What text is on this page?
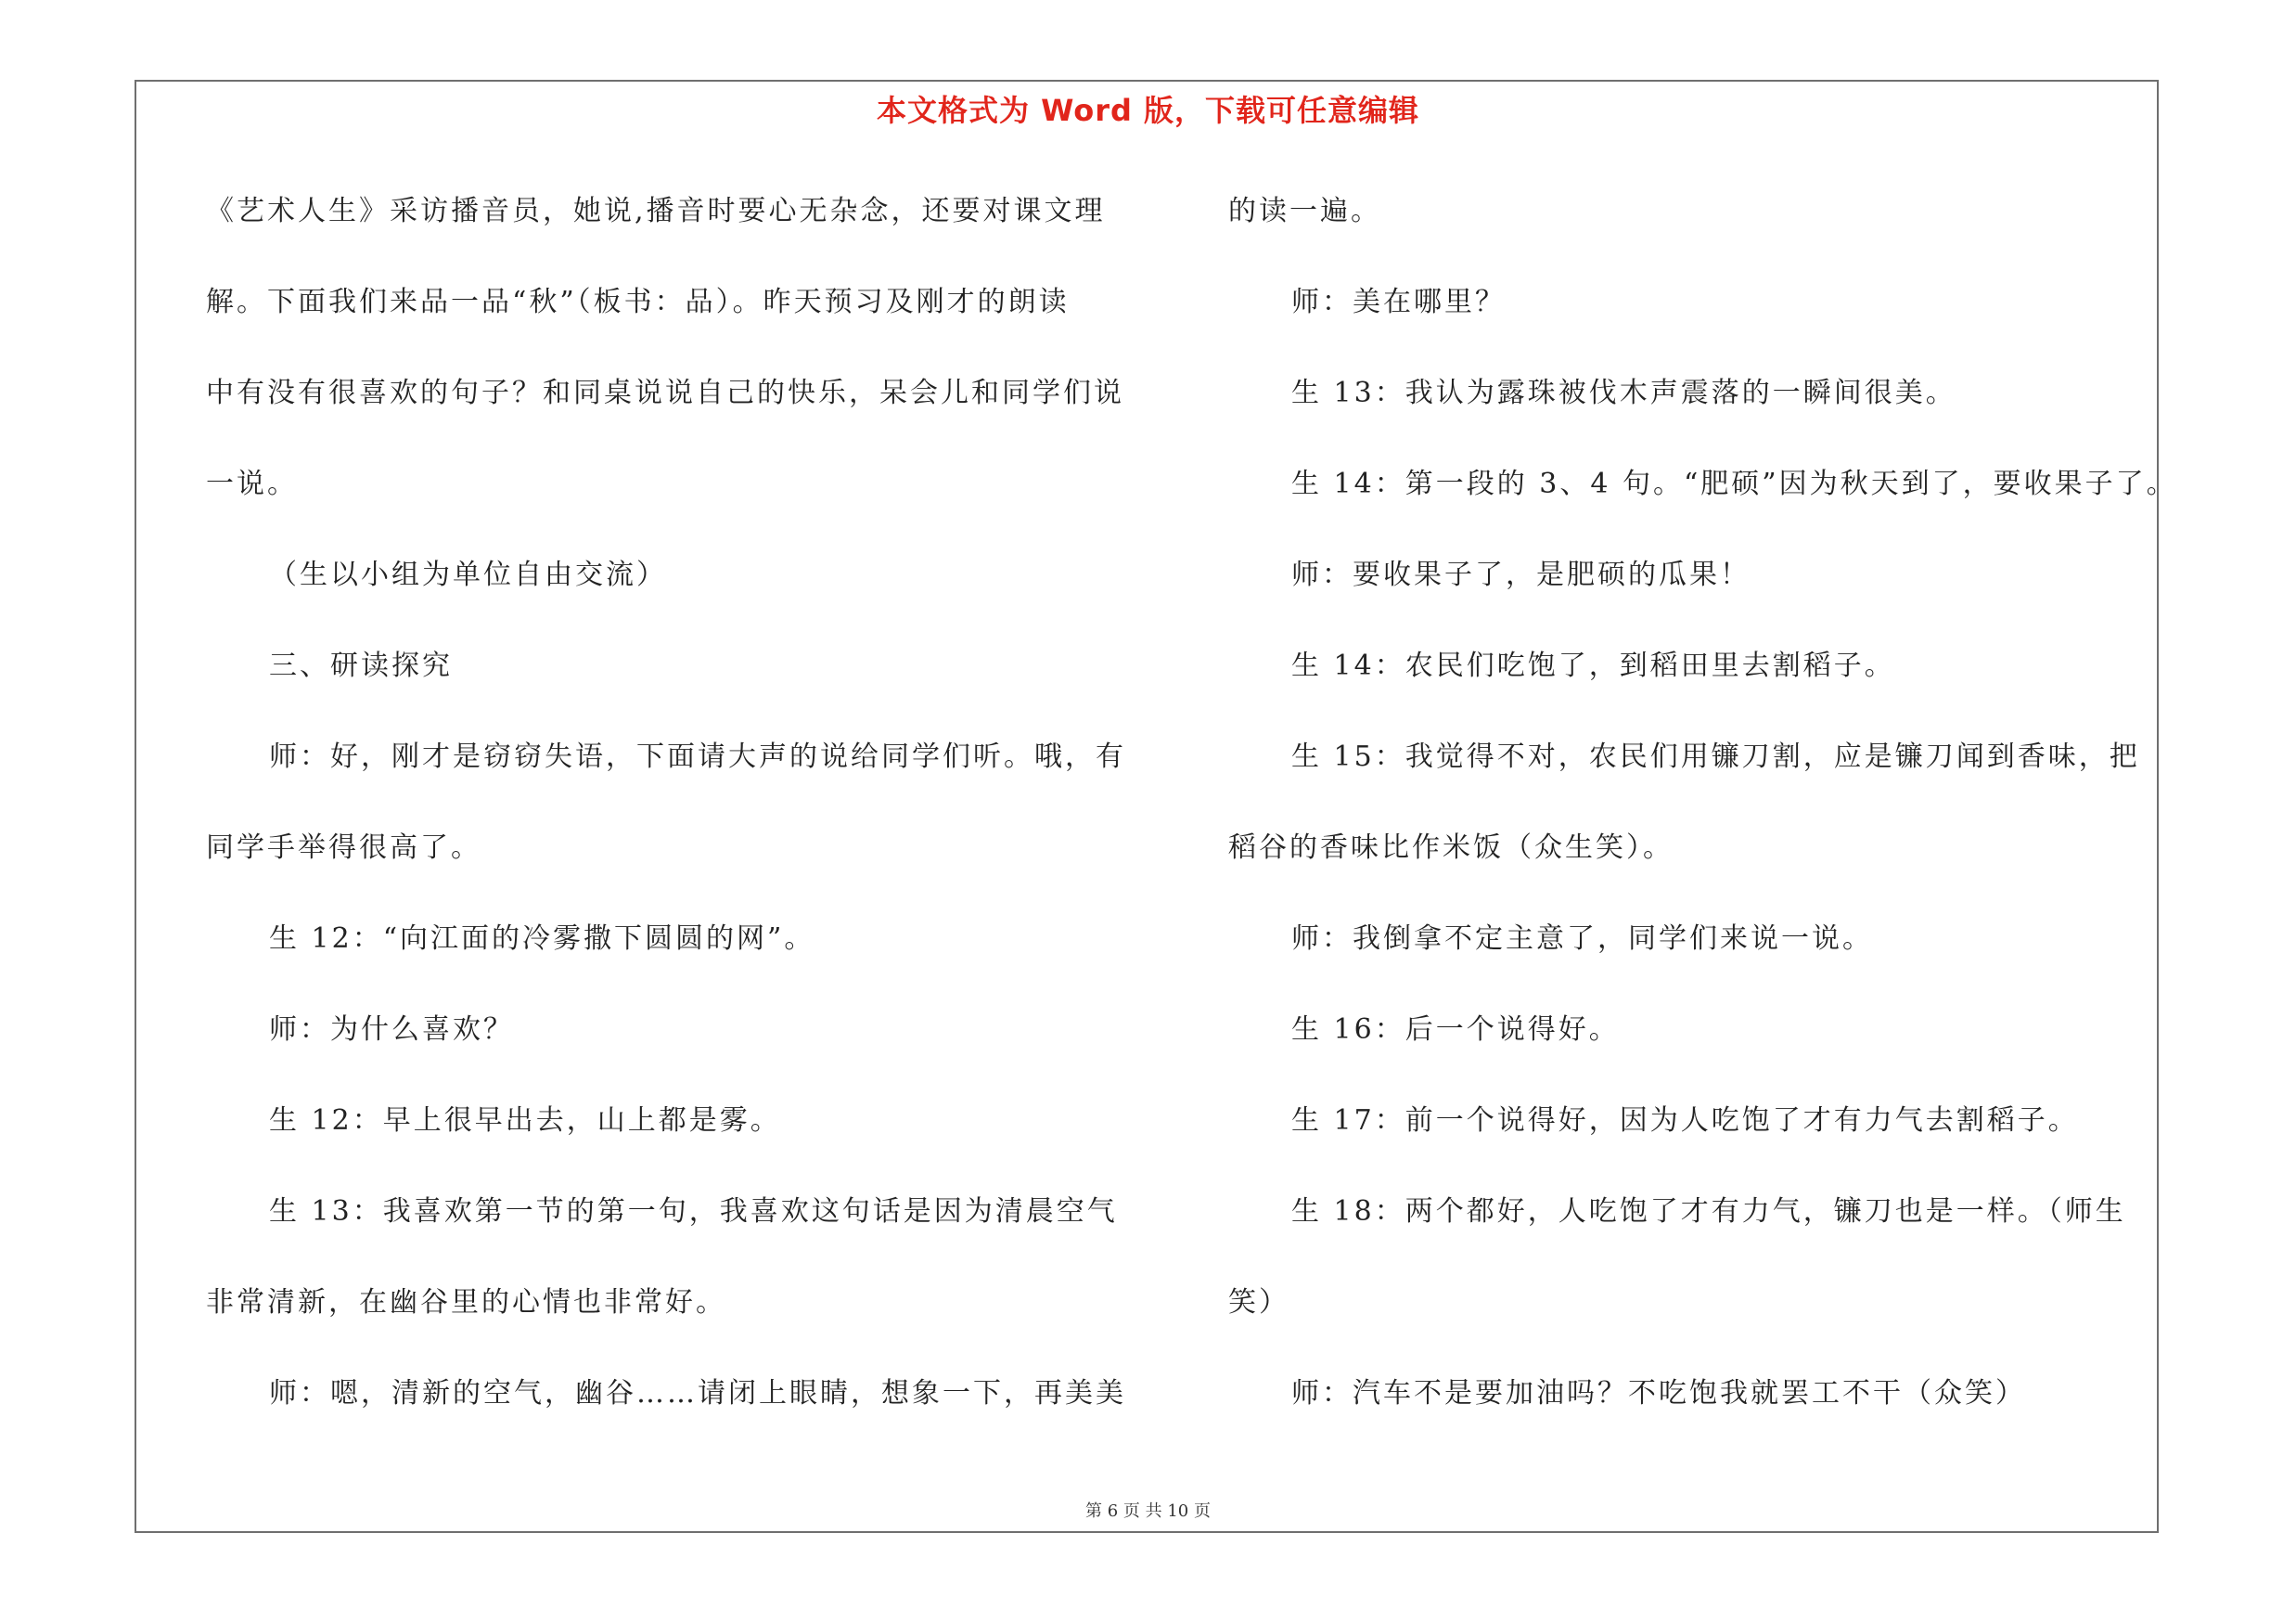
本文格式为 Word 版，下载可任意编辑
《艺术人生》采访播音员，她说,播音时要心无杂念，还要对课文理
解。下面我们来品一品“秋”（板书：品）。昨天预习及刚才的朗读
中有没有很喜欢的句子？和同桌说说自己的快乐，呆会儿和同学们说
一说。
（生以小组为单位自由交流）
三、研读探究
师：好，刚才是窃窃失语，下面请大声的说给同学们听。哦，有
同学手举得很高了。
生 12：“向江面的冷雾撒下圆圆的网”。
师：为什么喜欢？
生 12：早上很早出去，山上都是雾。
生 13：我喜欢第一节的第一句，我喜欢这句话是因为清晨空气
非常清新，在幽谷里的心情也非常好。
师：嗯，清新的空气，幽谷……请闭上眼睛，想象一下，再美美
的读一遍。
师：美在哪里？
生 13：我认为露珠被伐木声震落的一瞬间很美。
生 14：第一段的 3、4 句。“肥硕”因为秋天到了，要收果子了。
师：要收果子了，是肥硕的瓜果！
生 14：农民们吃饱了，到稻田里去割稻子。
生 15：我觉得不对，农民们用镰刀割，应是镰刀闻到香味，把
稻谷的香味比作米饭（众生笑）。
师：我倒拿不定主意了，同学们来说一说。
生 16：后一个说得好。
生 17：前一个说得好，因为人吃饱了才有力气去割稻子。
生 18：两个都好，人吃饱了才有力气，镰刀也是一样。（师生
笑）
师：汽车不是要加油吗？不吃饱我就罢工不干（众笑）
第 6 页 共 10 页
